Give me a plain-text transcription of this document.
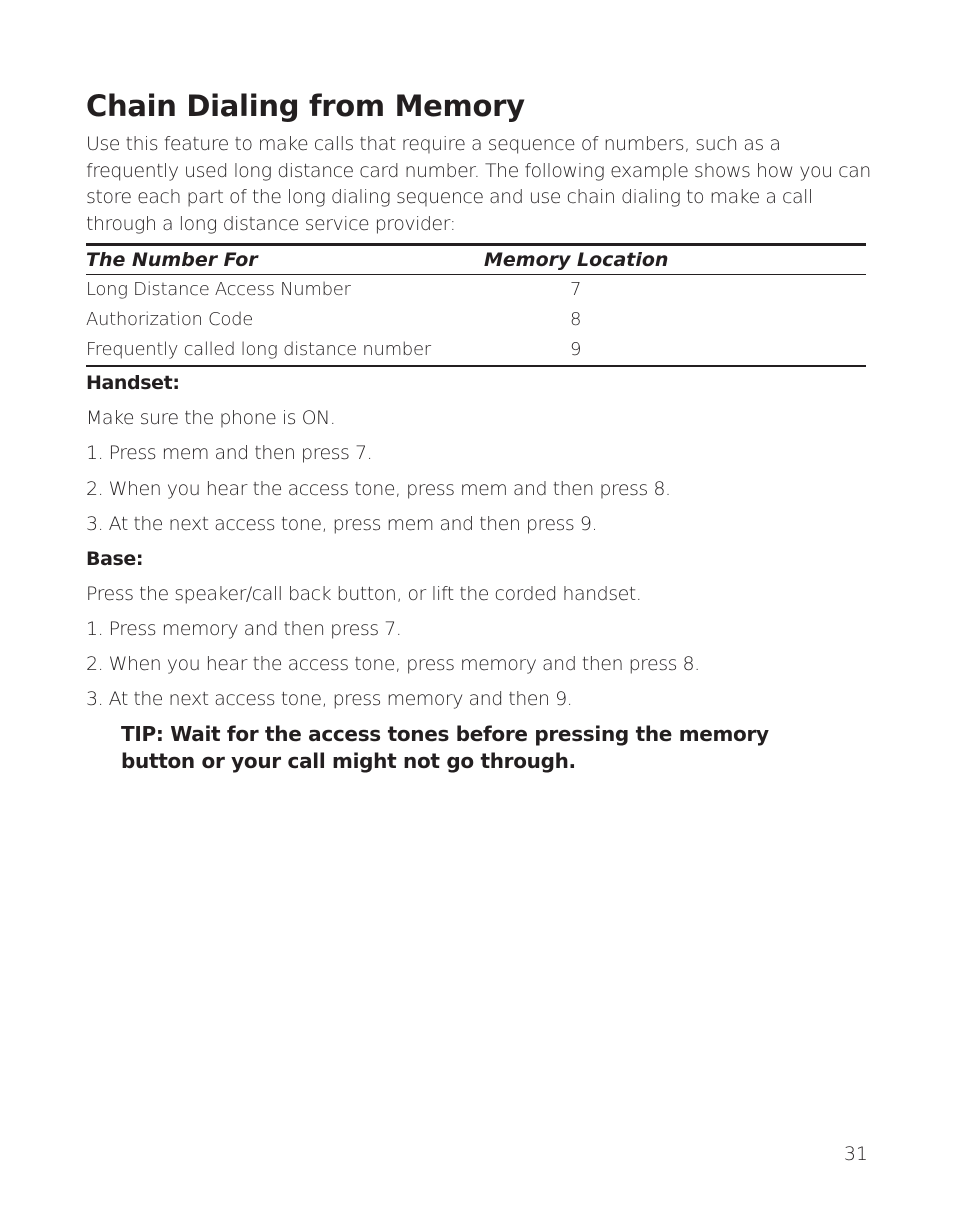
Chain Dialing from Memory

Use this feature to make calls that require a sequence of numbers, such as a frequently used long distance card number. The following example shows how you can store each part of the long dialing sequence and use chain dialing to make a call through a long distance service provider:

The Number For	Memory Location
Long Distance Access Number	7
Authorization Code	8
Frequently called long distance number	9

Handset:

Make sure the phone is ON.

1. Press mem and then press 7.

2. When you hear the access tone, press mem and then press 8.

3. At the next access tone, press mem and then press 9.

Base:

Press the speaker/call back button, or lift the corded handset.

1. Press memory and then press 7.

2. When you hear the access tone, press memory and then press 8.

3. At the next access tone, press memory and then 9.

TIP: Wait for the access tones before pressing the memory button or your call might not go through.

31
